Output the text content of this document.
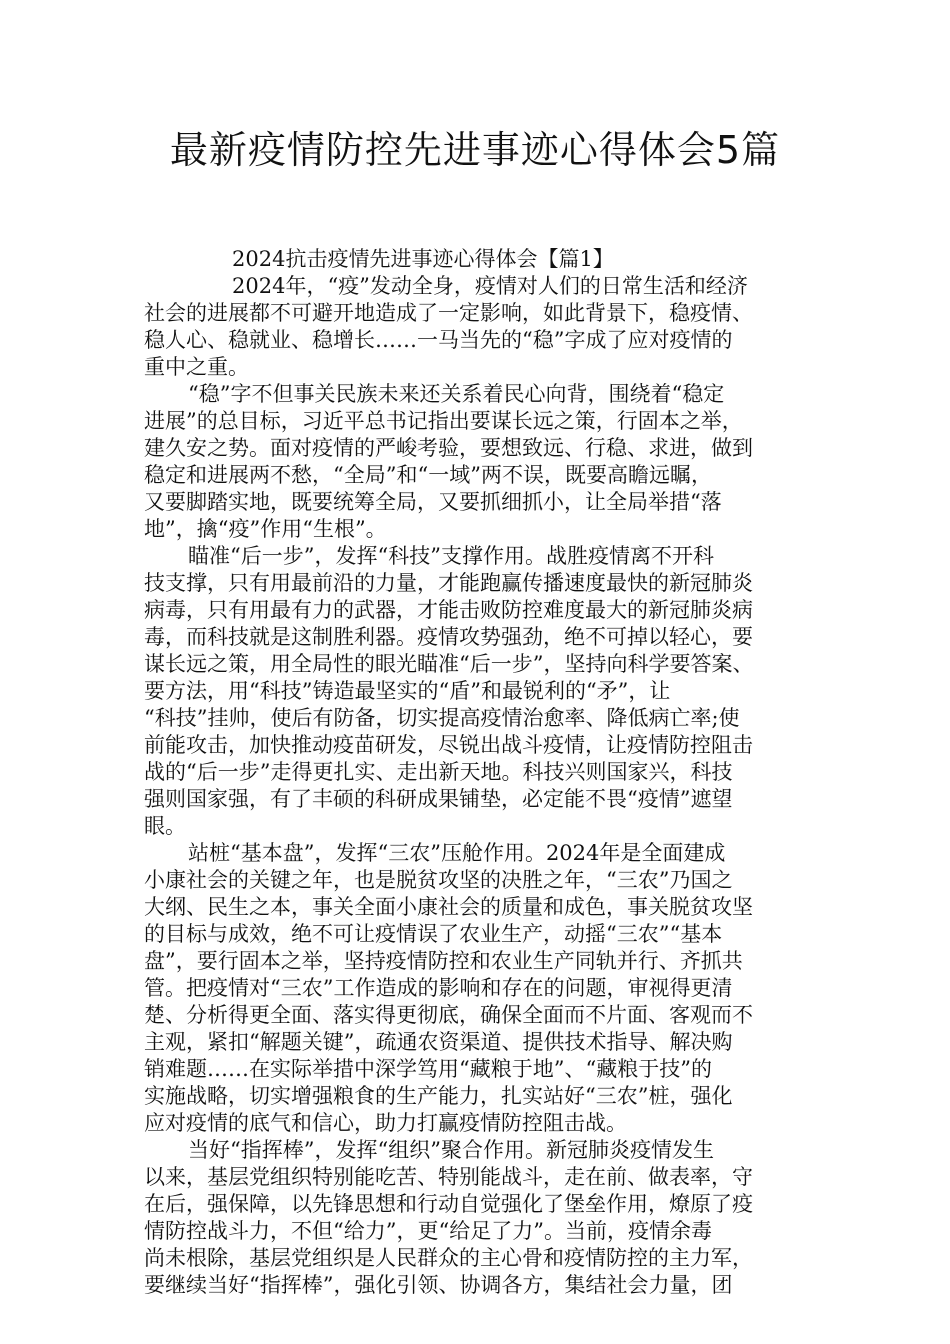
最新疫情防控先进事迹心得体会5篇
2024抗击疫情先进事迹心得体会【篇1】

2024年，“疫”发动全身，疫情对人们的日常生活和经济
社会的进展都不可避开地造成了一定影响，如此背景下，稳疫情、
稳人心、稳就业、稳增长……一马当先的“稳”字成了应对疫情的
重中之重。

“稳”字不但事关民族未来还关系着民心向背，围绕着“稳定
进展”的总目标，习近平总书记指出要谋长远之策，行固本之举，
建久安之势。面对疫情的严峻考验，要想致远、行稳、求进，做到
稳定和进展两不愁，“全局”和“一域”两不误，既要高瞻远瞩，
又要脚踏实地，既要统筹全局，又要抓细抓小，让全局举措“落
地”，擒“疫”作用“生根”。

瞄准“后一步”，发挥“科技”支撑作用。战胜疫情离不开科
技支撑，只有用最前沿的力量，才能跑赢传播速度最快的新冠肺炎
病毒，只有用最有力的武器，才能击败防控难度最大的新冠肺炎病
毒，而科技就是这制胜利器。疫情攻势强劲，绝不可掉以轻心，要
谋长远之策，用全局性的眼光瞄准“后一步”，坚持向科学要答案、
要方法，用“科技”铸造最坚实的“盾”和最锐利的“矛”，让
“科技”挂帅，使后有防备，切实提高疫情治愈率、降低病亡率;使
前能攻击，加快推动疫苗研发，尽锐出战斗疫情，让疫情防控阻击
战的“后一步”走得更扎实、走出新天地。科技兴则国家兴，科技
强则国家强，有了丰硕的科研成果铺垫，必定能不畏“疫情”遮望
眼。

站桩“基本盘”，发挥“三农”压舱作用。2024年是全面建成
小康社会的关键之年，也是脱贫攻坚的决胜之年，“三农”乃国之
大纲、民生之本，事关全面小康社会的质量和成色，事关脱贫攻坚
的目标与成效，绝不可让疫情误了农业生产，动摇“三农”“基本
盘”，要行固本之举，坚持疫情防控和农业生产同轨并行、齐抓共
管。把疫情对“三农”工作造成的影响和存在的问题，审视得更清
楚、分析得更全面、落实得更彻底，确保全面而不片面、客观而不
主观，紧扣“解题关键”，疏通农资渠道、提供技术指导、解决购
销难题……在实际举措中深学笃用“藏粮于地”、“藏粮于技”的
实施战略，切实增强粮食的生产能力，扎实站好“三农”桩，强化
应对疫情的底气和信心，助力打赢疫情防控阻击战。

当好“指挥棒”，发挥“组织”聚合作用。新冠肺炎疫情发生
以来，基层党组织特别能吃苦、特别能战斗，走在前、做表率，守
在后，强保障，以先锋思想和行动自觉强化了堡垒作用，燎原了疫
情防控战斗力，不但“给力”，更“给足了力”。当前，疫情余毒
尚未根除，基层党组织是人民群众的主心骨和疫情防控的主力军，
要继续当好“指挥棒”，强化引领、协调各方，集结社会力量，团
